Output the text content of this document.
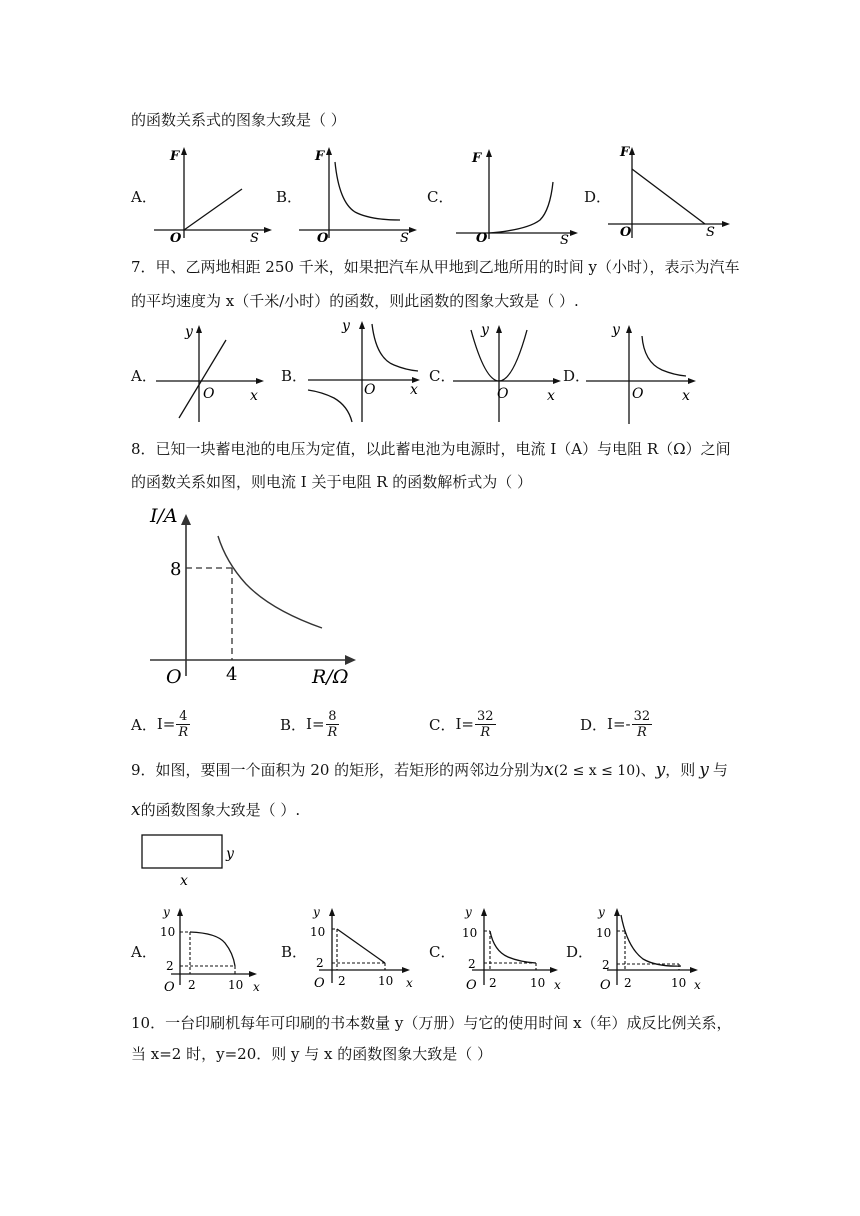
的函数关系式的图象大致是（ ）
A．
F
S
O
B．
F
S
O
C．
F
S
O
D．
F
S
O
7．甲、乙两地相距 250 千米，如果把汽车从甲地到乙地所用的时间 y（小时），表示为汽车
的平均速度为 x（千米/小时）的函数，则此函数的图象大致是（ ）.
A．
y
x
O
B．
y
x
O
C．
y
x
O
D．
y
x
O
8．已知一块蓄电池的电压为定值，以此蓄电池为电源时，电流 I（A）与电阻 R（Ω）之间
的函数关系如图，则电流 I 关于电阻 R 的函数解析式为（ ）
I/A
R/Ω
O
8
4
A． $I= \frac{4}{R}$	B． $I= \frac{8}{R}$	C． $I= \frac{32}{R}$	D． $I=- \frac{32}{R}$
9．如图，要围一个面积为 20 的矩形，若矩形的两邻边分别为x(2 ≤ x ≤ 10)、y，则 y 与
x的函数图象大致是（ ）.
y
x
A．
y
10
2
O 2	10 x
B．
y
10
2
O 2	10 x
C．
y
10
2
O 2	10 x
D．
y
10
2
O 2	10 x
10．一台印刷机每年可印刷的书本数量 y（万册）与它的使用时间 x（年）成反比例关系，
当 x=2 时，y=20．则 y 与 x 的函数图象大致是（ ）
